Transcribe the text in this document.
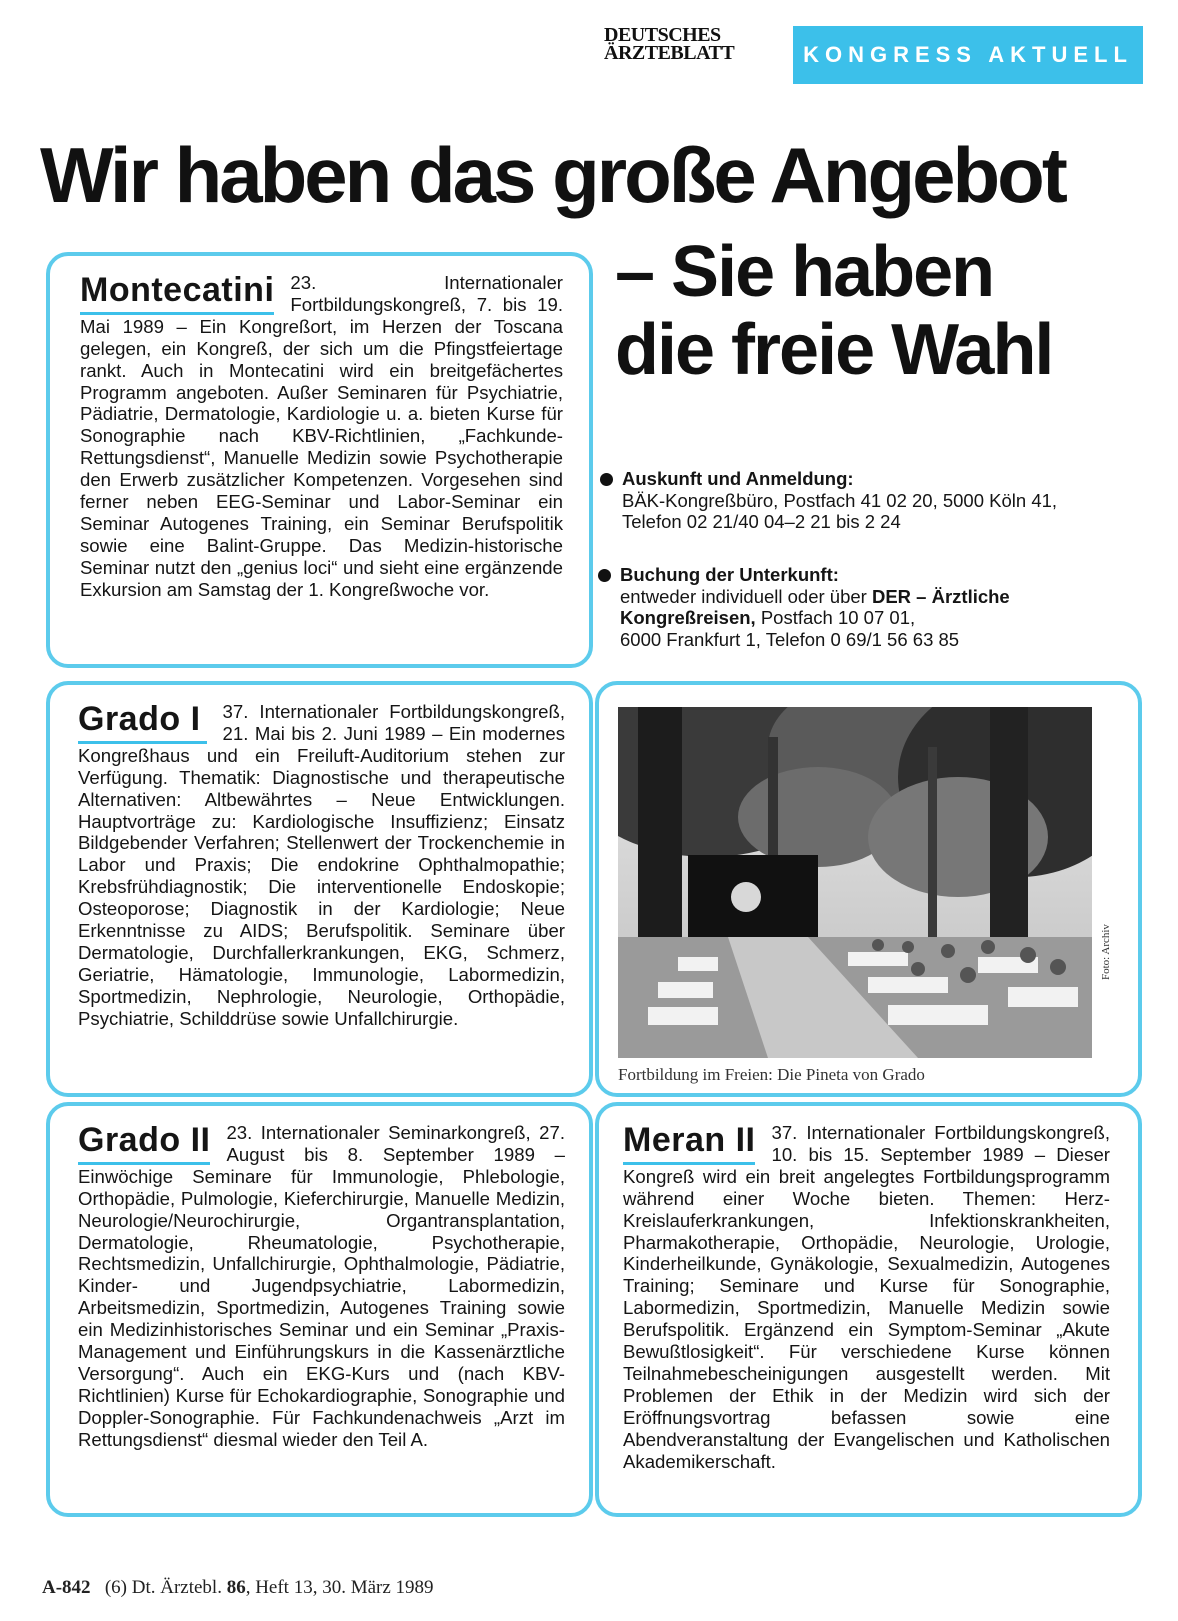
DEUTSCHES
ÄRZTEBLATT	KONGRESS AKTUELL
Wir haben das große Angebot
– Sie haben
die freie Wahl
Montecatini 23. Internationaler Fortbildungskongreß, 7. bis 19. Mai 1989 – Ein Kongreßort, im Herzen der Toscana gelegen, ein Kongreß, der sich um die Pfingstfeiertage rankt. Auch in Montecatini wird ein breitgefächertes Programm angeboten. Außer Seminaren für Psychiatrie, Pädiatrie, Dermatologie, Kardiologie u. a. bieten Kurse für Sonographie nach KBV-Richtlinien, „Fachkunde-Rettungsdienst“, Manuelle Medizin sowie Psychotherapie den Erwerb zusätzlicher Kompetenzen. Vorgesehen sind ferner neben EEG-Seminar und Labor-Seminar ein Seminar Autogenes Training, ein Seminar Berufspolitik sowie eine Balint-Gruppe. Das Medizin-historische Seminar nutzt den „genius loci“ und sieht eine ergänzende Exkursion am Samstag der 1. Kongreßwoche vor.
Auskunft und Anmeldung:
BÄK-Kongreßbüro, Postfach 41 02 20, 5000 Köln 41,
Telefon 02 21/40 04–2 21 bis 2 24
Buchung der Unterkunft:
entweder individuell oder über DER – Ärztliche
Kongreßreisen, Postfach 10 07 01,
6000 Frankfurt 1, Telefon 0 69/1 56 63 85
Grado I	37. Internationaler Fortbildungskongreß, 21. Mai bis 2. Juni 1989 – Ein modernes Kongreßhaus und ein Freiluft-Auditorium stehen zur Verfügung. Thematik: Diagnostische und therapeutische Alternativen: Altbewährtes – Neue Entwicklungen. Hauptvorträge zu: Kardiologische Insuffizienz; Einsatz Bildgebender Verfahren; Stellenwert der Trockenchemie in Labor und Praxis; Die endokrine Ophthalmopathie; Krebsfrühdiagnostik; Die interventionelle Endoskopie; Osteoporose; Diagnostik in der Kardiologie; Neue Erkenntnisse zu AIDS; Berufspolitik. Seminare über Dermatologie, Durchfallerkrankungen, EKG, Schmerz, Geriatrie, Hämatologie, Immunologie, Labormedizin, Sportmedizin, Nephrologie, Neurologie, Orthopädie, Psychiatrie, Schilddrüse sowie Unfallchirurgie.
Foto: Archiv
Fortbildung im Freien: Die Pineta von Grado
Grado II 23. Internationaler Seminarkongreß, 27. August bis 8. September 1989 – Einwöchige Seminare für Immunologie, Phlebologie, Orthopädie, Pulmologie, Kieferchirurgie, Manuelle Medizin, Neurologie/Neurochirurgie, Organtransplantation, Dermatologie, Rheumatologie, Psychotherapie, Rechtsmedizin, Unfallchirurgie, Ophthalmologie, Pädiatrie, Kinder- und Jugendpsychiatrie, Labormedizin, Arbeitsmedizin, Sportmedizin, Autogenes Training sowie ein Medizinhistorisches Seminar und ein Seminar „Praxis-Management und Einführungskurs in die Kassenärztliche Versorgung“. Auch ein EKG-Kurs und (nach KBV-Richtlinien) Kurse für Echokardiographie, Sonographie und Doppler-Sonographie. Für Fachkundenachweis „Arzt im Rettungsdienst“ diesmal wieder den Teil A.
Meran II 37. Internationaler Fortbildungskongreß, 10. bis 15. September 1989 – Dieser Kongreß wird ein breit angelegtes Fortbildungsprogramm während einer Woche bieten. Themen: Herz-Kreislauferkrankungen, Infektionskrankheiten, Pharmakotherapie, Orthopädie, Neurologie, Urologie, Kinderheilkunde, Gynäkologie, Sexualmedizin, Autogenes Training; Seminare und Kurse für Sonographie, Labormedizin, Sportmedizin, Manuelle Medizin sowie Berufspolitik. Ergänzend ein Symptom-Seminar „Akute Bewußtlosigkeit“. Für verschiedene Kurse können Teilnahmebescheinigungen ausgestellt werden. Mit Problemen der Ethik in der Medizin wird sich der Eröffnungsvortrag befassen sowie eine Abendveranstaltung der Evangelischen und Katholischen Akademikerschaft.
A-842 (6) Dt. Ärztebl. 86, Heft 13, 30. März 1989
